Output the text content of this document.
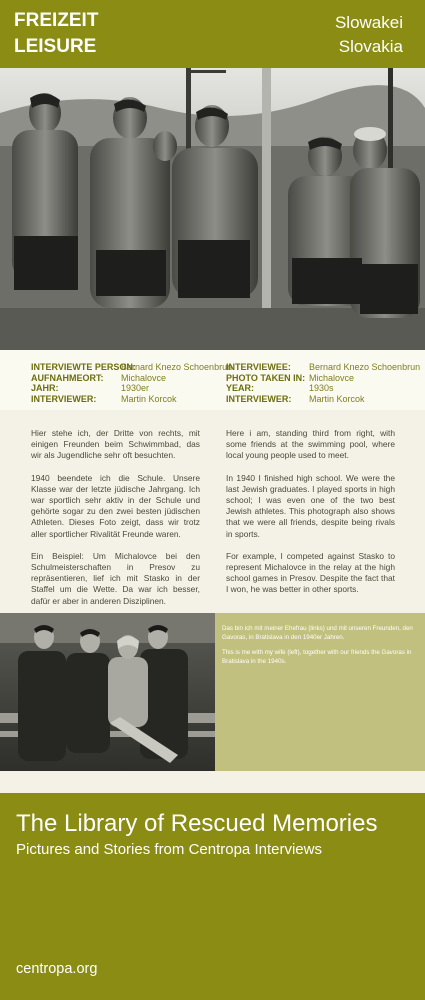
FREIZEIT
LEISURE
Slowakei
Slovakia
INTERVIEWTE PERSON:Bernard Knezo Schoenbrun
AUFNAHMEORT: Michalovce
JAHR:	1930er
INTERVIEWER:	Martin Korcok
INTERVIEWEE: Bernard Knezo Schoenbrun
PHOTO TAKEN IN: Michalovce
YEAR:	1930s
INTERVIEWER: Martin Korcok

Hier stehe ich, der Dritte von rechts, mit einigen Freunden beim Schwimmbad, das wir als Jugendliche sehr oft besuchten.

1940 beendete ich die Schule. Unsere Klasse war der letzte jüdische Jahrgang. Ich war sportlich sehr aktiv in der Schule und gehörte sogar zu den zwei besten jüdischen Athleten. Dieses Foto zeigt, dass wir trotz aller sportlicher Rivalität Freunde waren.

Ein Beispiel: Um Michalovce bei den Schulmeisterschaften in Presov zu repräsentieren, lief ich mit Stasko in der Staffel um die Wette. Da war ich besser, dafür er aber in anderen Disziplinen.

Here i am, standing third from right, with some friends at the swimming pool, where local young people used to meet.

In 1940 I finished high school. We were the last Jewish graduates. I played sports in high school; I was even one of the two best Jewish athletes. This photograph also shows that we were all friends, despite being rivals in sports.

For example, I competed against Stasko to represent Michalovce in the relay at the high school games in Presov. Despite the fact that I won, he was better in other sports.

Das bin ich mit meiner Ehefrau (links) und mit unseren Freunden, den Gavoras, in Bratislava in den 1940er Jahren.

This is me with my wife (left), together with our friends the Gavoras in Bratislava in the 1940s.

The Library of Rescued Memories
Pictures and Stories from Centropa Interviews
centropa.org
